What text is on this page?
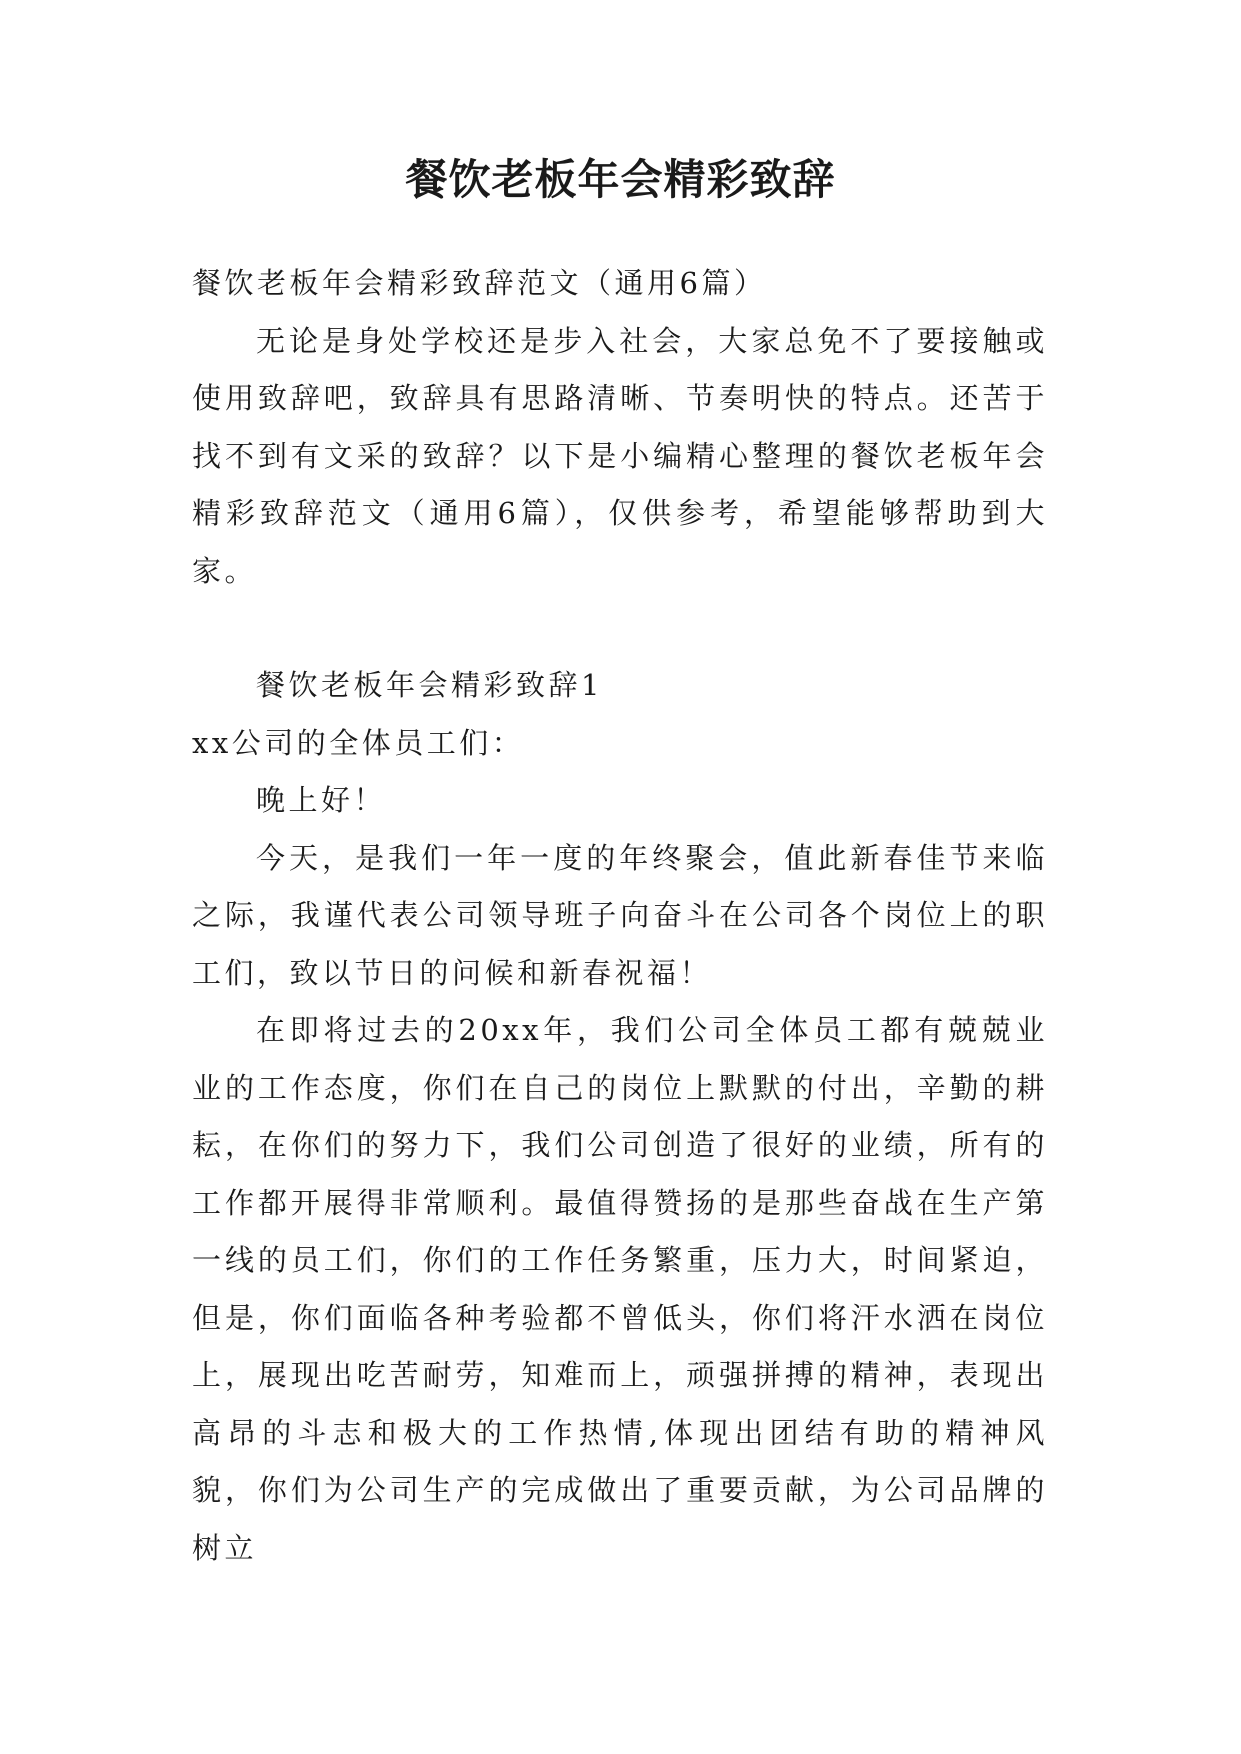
餐饮老板年会精彩致辞

餐饮老板年会精彩致辞范文（通用6篇）

无论是身处学校还是步入社会，大家总免不了要接触或使用致辞吧，致辞具有思路清晰、节奏明快的特点。还苦于找不到有文采的致辞？以下是小编精心整理的餐饮老板年会精彩致辞范文（通用6篇），仅供参考，希望能够帮助到大家。

餐饮老板年会精彩致辞1

xx公司的全体员工们：

晚上好！

今天，是我们一年一度的年终聚会，值此新春佳节来临之际，我谨代表公司领导班子向奋斗在公司各个岗位上的职工们，致以节日的问候和新春祝福！

在即将过去的20xx年，我们公司全体员工都有兢兢业业的工作态度，你们在自己的岗位上默默的付出，辛勤的耕耘，在你们的努力下，我们公司创造了很好的业绩，所有的工作都开展得非常顺利。最值得赞扬的是那些奋战在生产第一线的员工们，你们的工作任务繁重，压力大，时间紧迫，但是，你们面临各种考验都不曾低头，你们将汗水洒在岗位上，展现出吃苦耐劳，知难而上，顽强拼搏的精神，表现出高昂的斗志和极大的工作热情,体现出团结有助的精神风貌，你们为公司生产的完成做出了重要贡献，为公司品牌的树立
